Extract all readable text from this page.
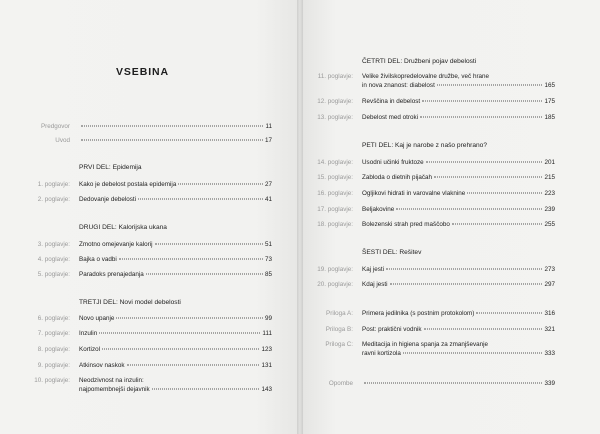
VSEBINA
Predgovor	11
Uvod	17
PRVI DEL: Epidemija
1. poglavje:	Kako je debelost postala epidemija	27
2. poglavje:	Dedovanje debelosti	41
DRUGI DEL: Kalorijska ukana
3. poglavje:	Zmotno omejevanje kalorij	51
4. poglavje:	Bajka o vadbi	73
5. poglavje:	Paradoks prenajedanja	85
TRETJI DEL: Novi model debelosti
6. poglavje:	Novo upanje	99
7. poglavje:	Inzulin	111
8. poglavje:	Kortizol	123
9. poglavje:	Atkinsov naskok	131
10. poglavje:	Neodzivnost na inzulin:
najpomembnejši dejavnik	143
ČETRTI DEL: Družbeni pojav debelosti
11. poglavje:	Velike živilskopredelovalne družbe, več hrane
in nova znanost: diabelost	165
12. poglavje:	Revščina in debelost	175
13. poglavje:	Debelost med otroki	185
PETI DEL: Kaj je narobe z našo prehrano?
14. poglavje:	Usodni učinki fruktoze	201
15. poglavje:	Zabloda o dietnih pijačah	215
16. poglavje:	Ogljikovi hidrati in varovalne vlaknine	223
17. poglavje:	Beljakovine	239
18. poglavje:	Bolezenski strah pred maščobo	255
ŠESTI DEL: Rešitev
19. poglavje:	Kaj jesti	273
20. poglavje:	Kdaj jesti	297
Priloga A:	Primera jedilnika (s postnim protokolom)	316
Priloga B:	Post: praktični vodnik	321
Priloga C:	Meditacija in higiena spanja za zmanjševanje
ravni kortizola	333
Opombe	339
